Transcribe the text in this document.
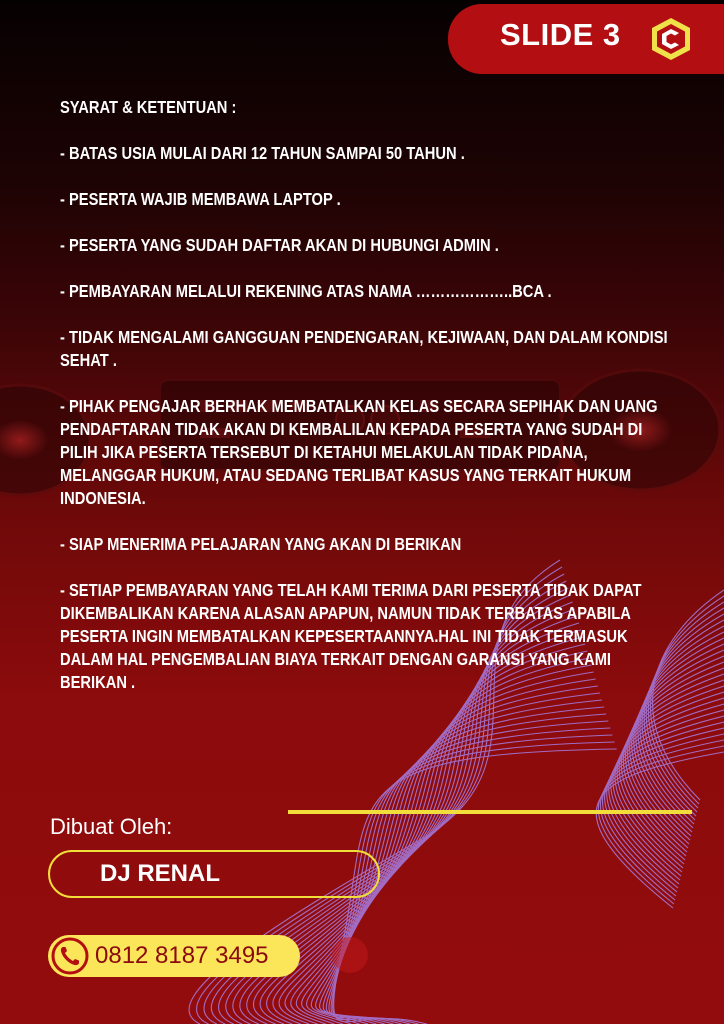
SLIDE 3
SYARAT & KETENTUAN :
- BATAS USIA MULAI DARI 12 TAHUN SAMPAI 50 TAHUN .
- PESERTA WAJIB MEMBAWA LAPTOP .
- PESERTA YANG SUDAH DAFTAR AKAN DI HUBUNGI ADMIN .
- PEMBAYARAN MELALUI REKENING ATAS NAMA ………………..BCA .
- TIDAK MENGALAMI GANGGUAN PENDENGARAN, KEJIWAAN, DAN DALAM KONDISI SEHAT .
- PIHAK PENGAJAR BERHAK MEMBATALKAN KELAS SECARA SEPIHAK DAN UANG PENDAFTARAN TIDAK AKAN DI KEMBALILAN KEPADA PESERTA YANG SUDAH DI PILIH JIKA PESERTA TERSEBUT DI KETAHUI MELAKULAN TIDAK PIDANA, MELANGGAR HUKUM, ATAU SEDANG TERLIBAT KASUS YANG TERKAIT HUKUM INDONESIA.
- SIAP MENERIMA PELAJARAN YANG AKAN DI BERIKAN
- SETIAP PEMBAYARAN YANG TELAH KAMI TERIMA DARI PESERTA TIDAK DAPAT DIKEMBALIKAN KARENA ALASAN APAPUN, NAMUN TIDAK TERBATAS APABILA PESERTA INGIN MEMBATALKAN KEPESERTAANNYA.HAL INI TIDAK TERMASUK DALAM HAL PENGEMBALIAN BIAYA TERKAIT DENGAN GARANSI YANG KAMI BERIKAN .
Dibuat Oleh:
DJ RENAL
0812 8187 3495
